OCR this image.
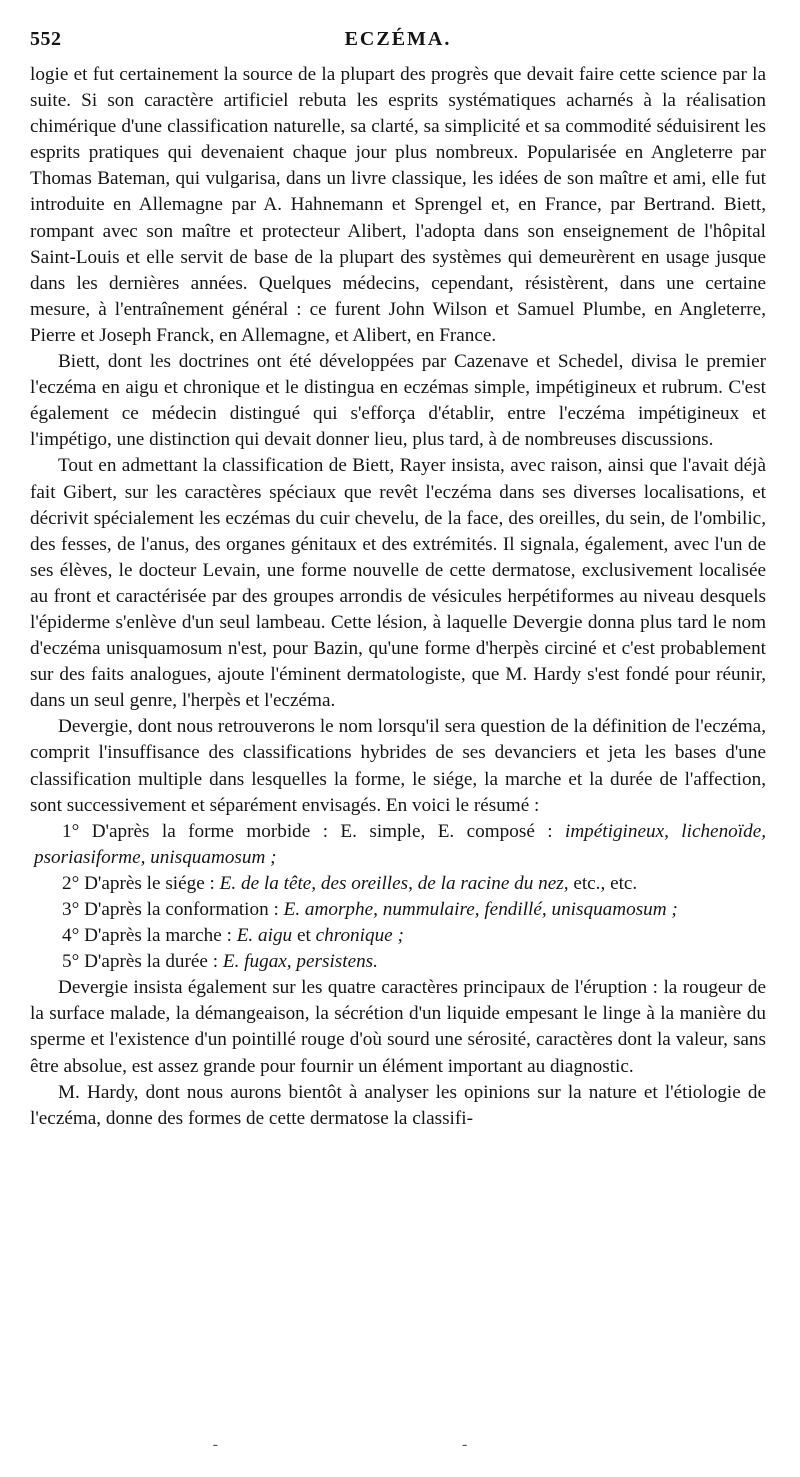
552	ECZÉMA.

logie et fut certainement la source de la plupart des progrès que devait faire cette science par la suite. Si son caractère artificiel rebuta les esprits systématiques acharnés à la réalisation chimérique d'une classification naturelle, sa clarté, sa simplicité et sa commodité séduisirent les esprits pratiques qui devenaient chaque jour plus nombreux. Popularisée en Angleterre par Thomas Bateman, qui vulgarisa, dans un livre classique, les idées de son maître et ami, elle fut introduite en Allemagne par A. Hahnemann et Sprengel et, en France, par Bertrand. Biett, rompant avec son maître et protecteur Alibert, l'adopta dans son enseignement de l'hôpital Saint-Louis et elle servit de base de la plupart des systèmes qui demeurèrent en usage jusque dans les dernières années. Quelques médecins, cependant, résistèrent, dans une certaine mesure, à l'entraînement général : ce furent John Wilson et Samuel Plumbe, en Angleterre, Pierre et Joseph Franck, en Allemagne, et Alibert, en France.

Biett, dont les doctrines ont été développées par Cazenave et Schedel, divisa le premier l'eczéma en aigu et chronique et le distingua en eczémas simple, impétigineux et rubrum. C'est également ce médecin distingué qui s'efforça d'établir, entre l'eczéma impétigineux et l'impétigo, une distinction qui devait donner lieu, plus tard, à de nombreuses discussions.

Tout en admettant la classification de Biett, Rayer insista, avec raison, ainsi que l'avait déjà fait Gibert, sur les caractères spéciaux que revêt l'eczéma dans ses diverses localisations, et décrivit spécialement les eczémas du cuir chevelu, de la face, des oreilles, du sein, de l'ombilic, des fesses, de l'anus, des organes génitaux et des extrémités. Il signala, également, avec l'un de ses élèves, le docteur Levain, une forme nouvelle de cette dermatose, exclusivement localisée au front et caractérisée par des groupes arrondis de vésicules herpétiformes au niveau desquels l'épiderme s'enlève d'un seul lambeau. Cette lésion, à laquelle Devergie donna plus tard le nom d'eczéma unisquamosum n'est, pour Bazin, qu'une forme d'herpès circiné et c'est probablement sur des faits analogues, ajoute l'éminent dermatologiste, que M. Hardy s'est fondé pour réunir, dans un seul genre, l'herpès et l'eczéma.

Devergie, dont nous retrouverons le nom lorsqu'il sera question de la définition de l'eczéma, comprit l'insuffisance des classifications hybrides de ses devanciers et jeta les bases d'une classification multiple dans lesquelles la forme, le siége, la marche et la durée de l'affection, sont successivement et séparément envisagés. En voici le résumé :

1° D'après la forme morbide : E. simple, E. composé : impétigineux, lichenoïde, psoriasiforme, unisquamosum ;

2° D'après le siége : E. de la tête, des oreilles, de la racine du nez, etc., etc.

3° D'après la conformation : E. amorphe, nummulaire, fendillé, unisquamosum ;

4° D'après la marche : E. aigu et chronique ;

5° D'après la durée : E. fugax, persistens.

Devergie insista également sur les quatre caractères principaux de l'éruption : la rougeur de la surface malade, la démangeaison, la sécrétion d'un liquide empesant le linge à la manière du sperme et l'existence d'un pointillé rouge d'où sourd une sérosité, caractères dont la valeur, sans être absolue, est assez grande pour fournir un élément important au diagnostic.

M. Hardy, dont nous aurons bientôt à analyser les opinions sur la nature et l'étiologie de l'eczéma, donne des formes de cette dermatose la classifi-

- -
